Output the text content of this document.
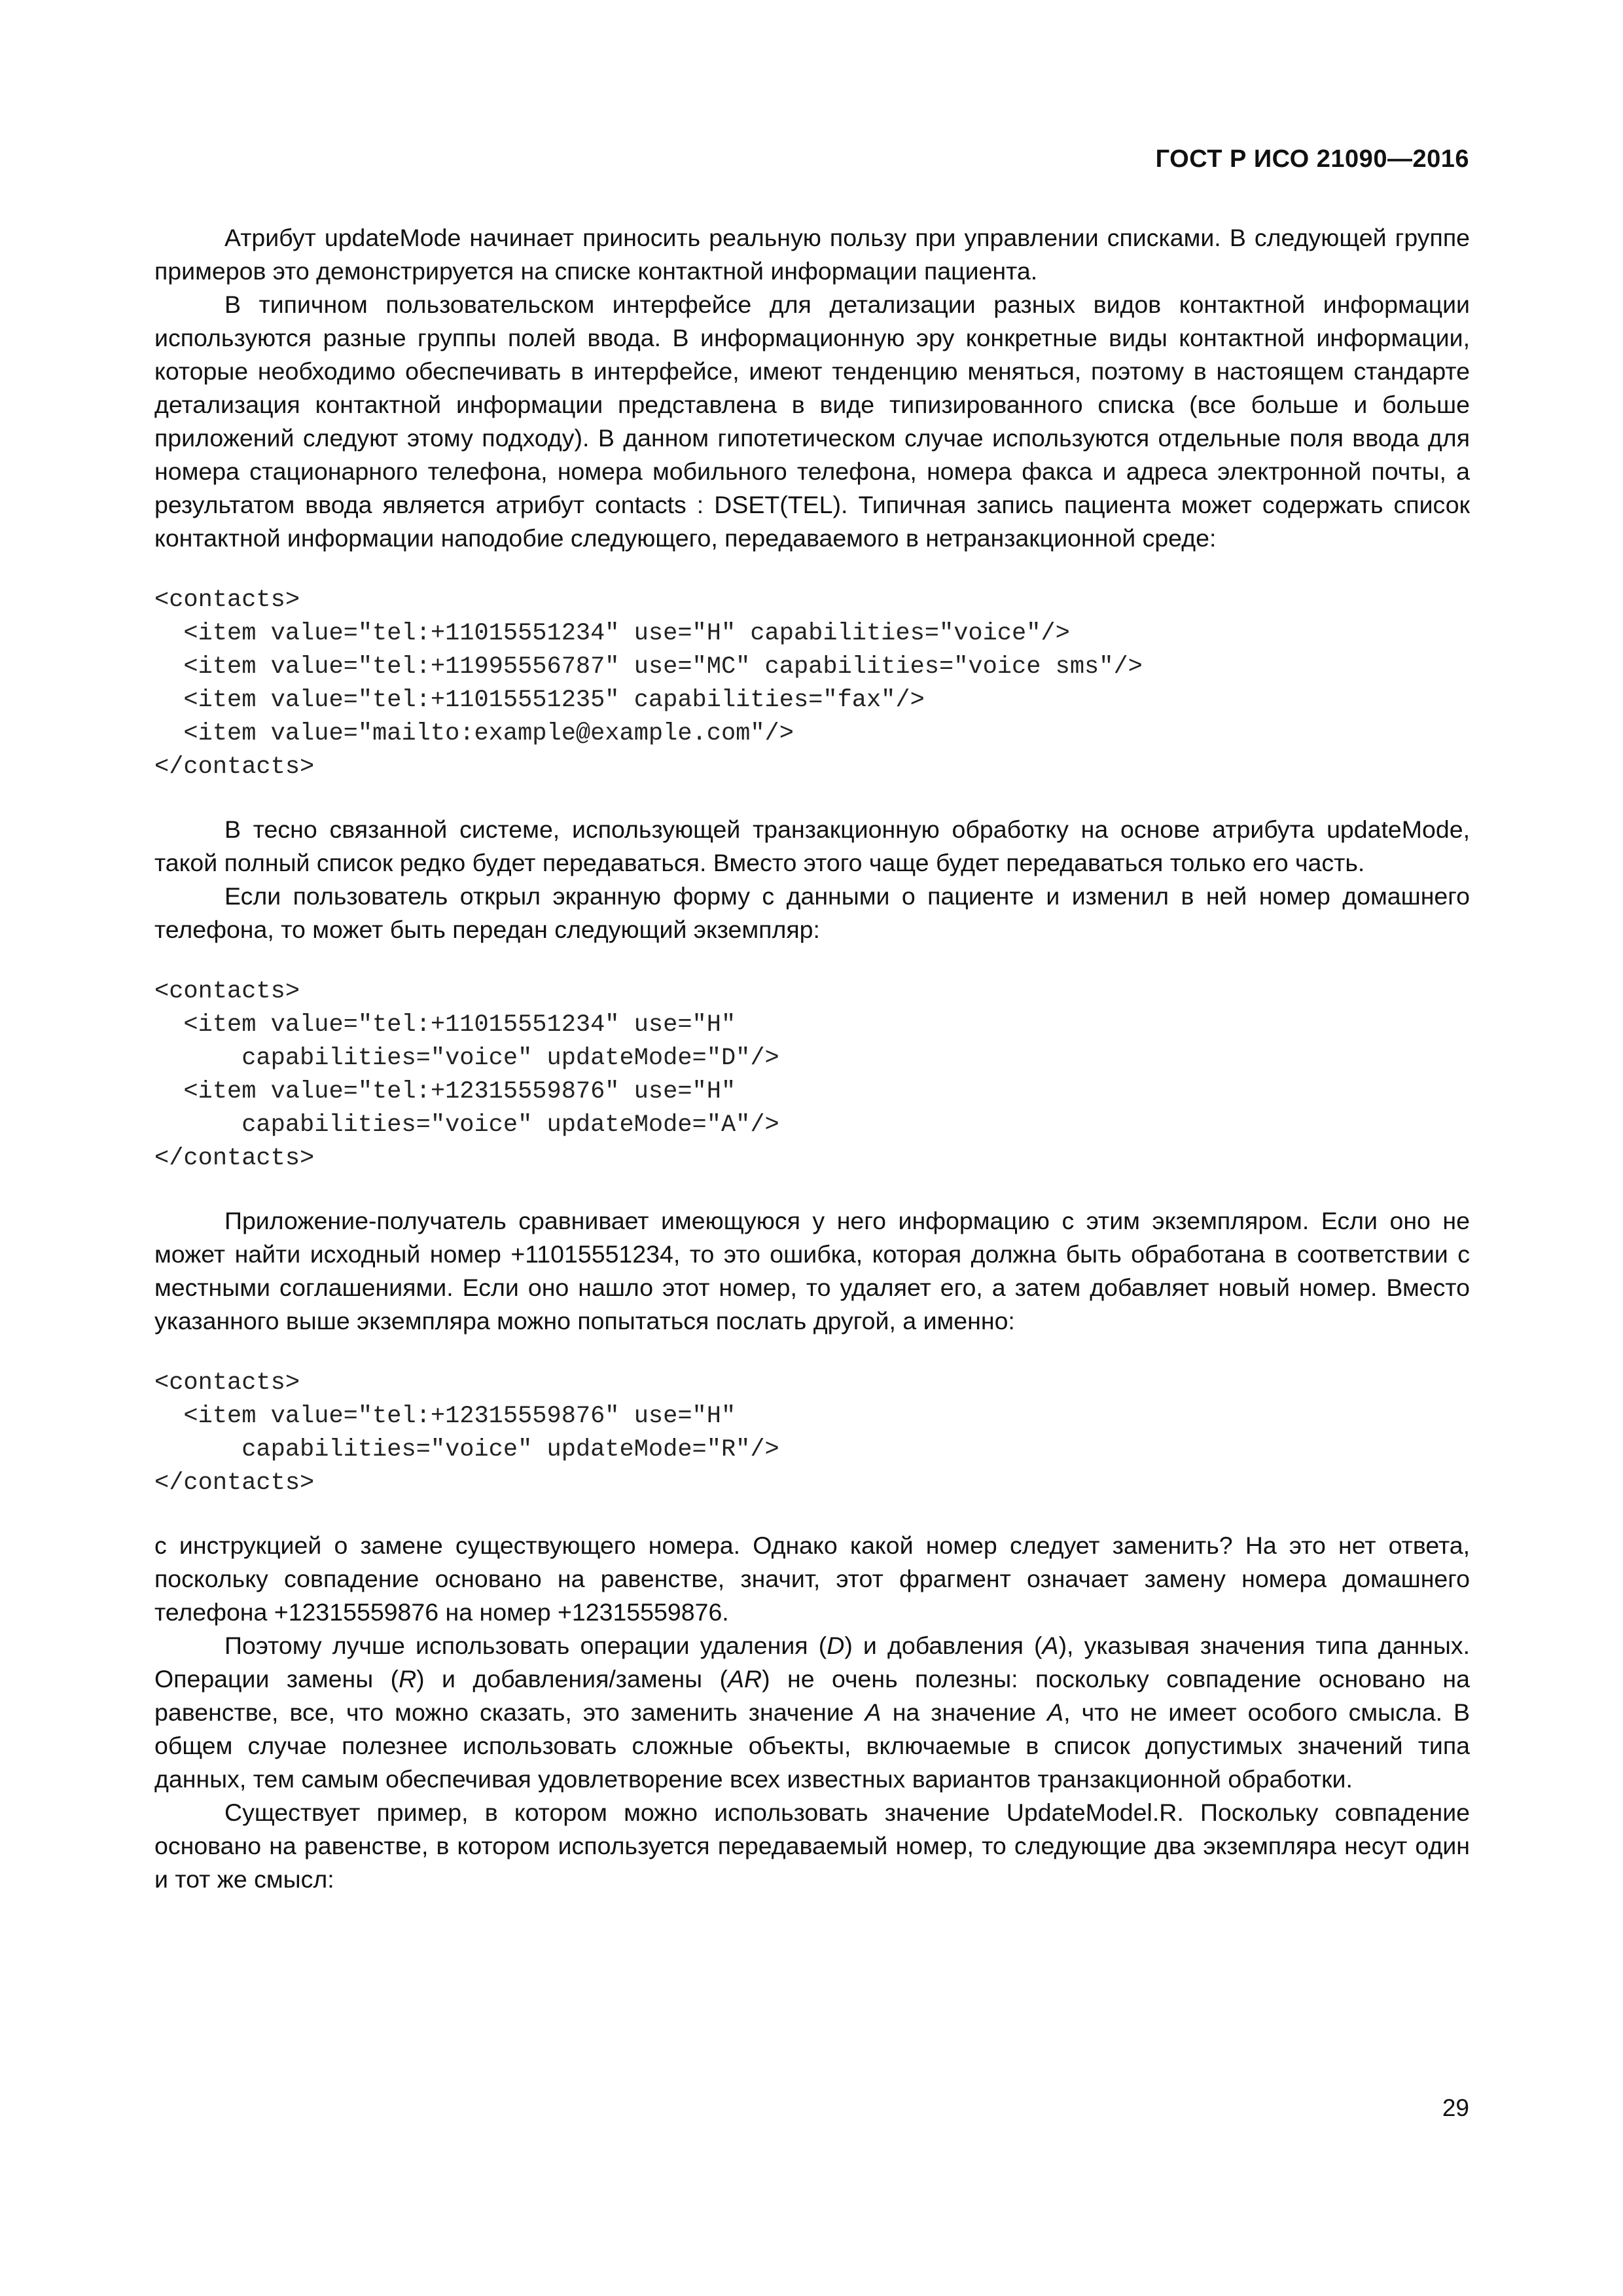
ГОСТ Р ИСО 21090—2016

Атрибут updateMode начинает приносить реальную пользу при управлении списками. В следующей группе примеров это демонстрируется на списке контактной информации пациента.

В типичном пользовательском интерфейсе для детализации разных видов контактной информации используются разные группы полей ввода. В информационную эру конкретные виды контактной информации, которые необходимо обеспечивать в интерфейсе, имеют тенденцию меняться, поэтому в настоящем стандарте детализация контактной информации представлена в виде типизированного списка (все больше и больше приложений следуют этому подходу). В данном гипотетическом случае используются отдельные поля ввода для номера стационарного телефона, номера мобильного телефона, номера факса и адреса электронной почты, а результатом ввода является атрибут contacts : DSET(TEL). Типичная запись пациента может содержать список контактной информации наподобие следующего, передаваемого в нетранзакционной среде:

<contacts>
<item value="tel:+11015551234" use="H" capabilities="voice"/>
<item value="tel:+11995556787" use="MC" capabilities="voice sms"/>
<item value="tel:+11015551235" capabilities="fax"/>
<item value="mailto:example@example.com"/>
</contacts>

В тесно связанной системе, использующей транзакционную обработку на основе атрибута updateMode, такой полный список редко будет передаваться. Вместо этого чаще будет передаваться только его часть.

Если пользователь открыл экранную форму с данными о пациенте и изменил в ней номер домашнего телефона, то может быть передан следующий экземпляр:

<contacts>
<item value="tel:+11015551234" use="H"
capabilities="voice" updateMode="D"/>
<item value="tel:+12315559876" use="H"
capabilities="voice" updateMode="A"/>
</contacts>

Приложение-получатель сравнивает имеющуюся у него информацию с этим экземпляром. Если оно не может найти исходный номер +11015551234, то это ошибка, которая должна быть обработана в соответствии с местными соглашениями. Если оно нашло этот номер, то удаляет его, а затем добавляет новый номер. Вместо указанного выше экземпляра можно попытаться послать другой, а именно:

<contacts>
<item value="tel:+12315559876" use="H"
capabilities="voice" updateMode="R"/>
</contacts>

с инструкцией о замене существующего номера. Однако какой номер следует заменить? На это нет ответа, поскольку совпадение основано на равенстве, значит, этот фрагмент означает замену номера домашнего телефона +12315559876 на номер +12315559876.

Поэтому лучше использовать операции удаления (D) и добавления (A), указывая значения типа данных. Операции замены (R) и добавления/замены (AR) не очень полезны: поскольку совпадение основано на равенстве, все, что можно сказать, это заменить значение A на значение A, что не имеет особого смысла. В общем случае полезнее использовать сложные объекты, включаемые в список допустимых значений типа данных, тем самым обеспечивая удовлетворение всех известных вариантов транзакционной обработки.

Существует пример, в котором можно использовать значение UpdateModel.R. Поскольку совпадение основано на равенстве, в котором используется передаваемый номер, то следующие два экземпляра несут один и тот же смысл:

29
